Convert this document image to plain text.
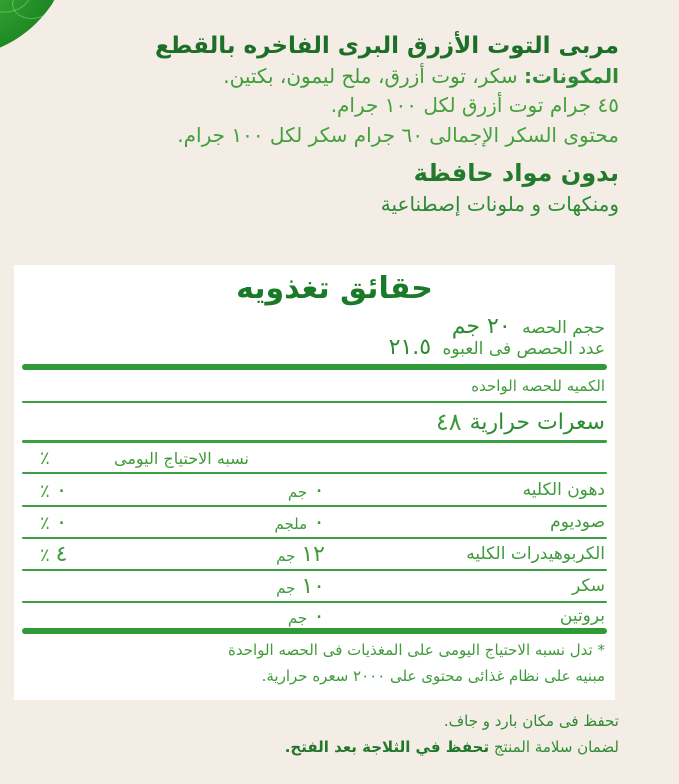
مربى التوت الأزرق البرى الفاخره بالقطع

المكونات: سكر، توت أزرق، ملح ليمون، بكتين.

٤٥ جرام توت أزرق لكل ١٠٠ جرام.

محتوى السكر الإجمالى ٦٠ جرام سكر لكل ١٠٠ جرام.

بدون مواد حافظة
ومنكهات و ملونات إصطناعية
حقائق تغذويه
حجم الحصه ٢٠ جم
عدد الحصص فى العبوه ٢١.٥
الكميه للحصه الواحده
سعرات حرارية
٤٨
نسبه الاحتياج اليومى
٪
دهون الكليه
٠جم
٪ ٠
صوديوم
٠ملجم
٪ ٠
الكربوهيدرات الكليه
١٢جم
٪ ٤
سكر
١٠جم
بروتين
٠جم
* تدل نسبه الاحتياج اليومى على المغذيات فى الحصه الواحدة
مبنيه على نظام غذائى محتوى على ٢٠٠٠ سعره حرارية.
تحفظ فى مكان بارد و جاف.
لضمان سلامة المنتج تحفظ في الثلاجة بعد الفتح.
